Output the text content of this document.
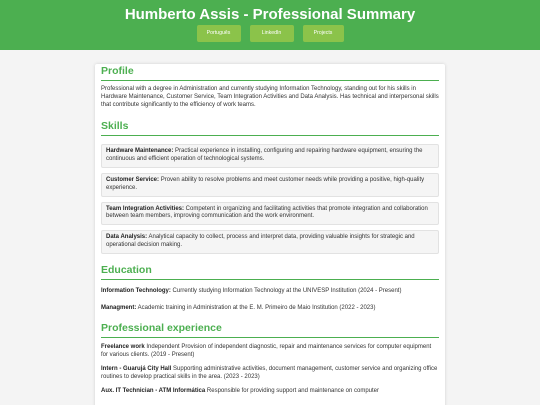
Humberto Assis - Professional Summary
Português	LinkedIn	Projects
Profile

Professional with a degree in Administration and currently studying Information Technology, standing out for his skills in Hardware Maintenance, Customer Service, Team Integration Activities and Data Analysis. Has technical and interpersonal skills that contribute significantly to the efficiency of work teams.

Skills

Hardware Maintenance: Practical experience in installing, configuring and repairing hardware equipment, ensuring the continuous and efficient operation of technological systems.

Customer Service: Proven ability to resolve problems and meet customer needs while providing a positive, high-quality experience.

Team Integration Activities: Competent in organizing and facilitating activities that promote integration and collaboration between team members, improving communication and the work environment.

Data Analysis: Analytical capacity to collect, process and interpret data, providing valuable insights for strategic and operational decision making.

Education

Information Technology: Currently studying Information Technology at the UNIVESP Institution (2024 - Present)

Managment: Academic training in Administration at the E. M. Primeiro de Maio Institution (2022 - 2023)

Professional experience

Freelance work Independent Provision of independent diagnostic, repair and maintenance services for computer equipment for various clients. (2019 - Present)

Intern - Guarujá City Hall Supporting administrative activities, document management, customer service and organizing office routines to develop practical skills in the area. (2023 - 2023)

Aux. IT Technician - ATM Informática Responsible for providing support and maintenance on computer
